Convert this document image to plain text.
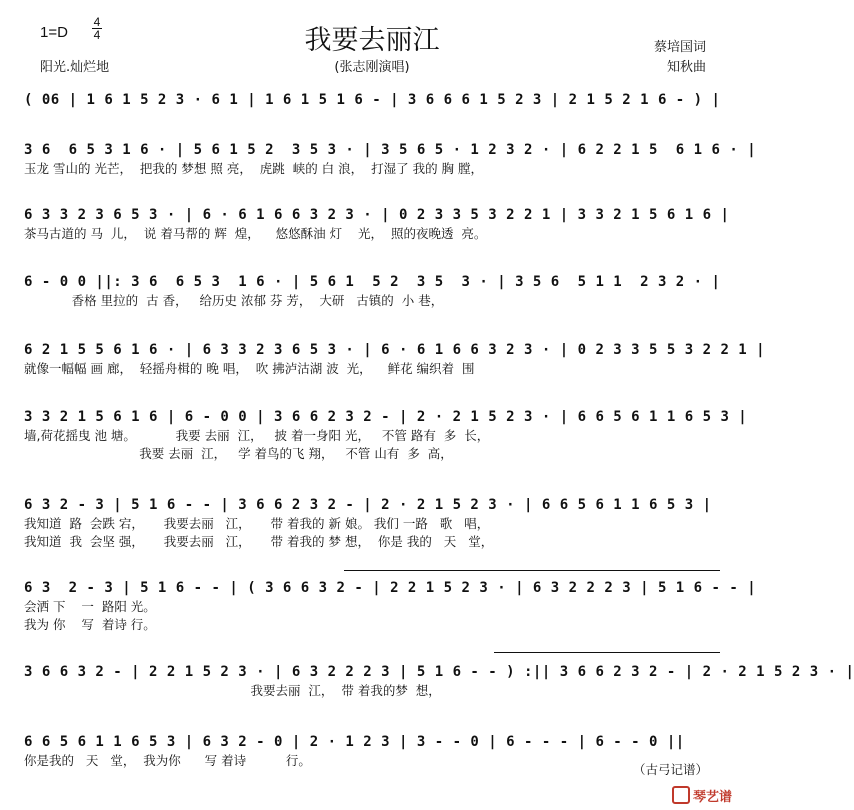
1=D
4
4	我要去丽江
(张志刚演唱)
阳光.灿烂地
蔡培国词
知秋曲
( 06 | 1 6 1 5 2 3 · 6 1 | 1 6 1 5 1 6 - | 3 6 6 6 1 5 2 3 | 2 1 5 2 1 6 - ) |
3 6  6 5 3 1 6 · | 5 6 1 5 2  3 5 3 · | 3 5 6 5 · 1 2 3 2 · | 6 2 2 1 5  6 1 6 · |
玉龙 雪山的 光芒，  把我的 梦想 照 亮，  虎跳  峡的 白 浪，  打湿了 我的 胸 膛，
6 3 3 2 3 6 5 3 · | 6 · 6 1 6 6 3 2 3 · | 0 2 3 3 5 3 2 2 1 | 3 3 2 1 5 6 1 6 |
茶马古道的 马  儿，  说 着马帮的 辉  煌，    悠悠酥油 灯    光，  照的夜晚透  亮。
6 - 0 0 ||: 3 6  6 5 3  1 6 · | 5 6 1  5 2  3 5  3 · | 3 5 6  5 1 1  2 3 2 · |
香格 里拉的  古 香，   给历史 浓郁 芬 芳，  大研   古镇的  小 巷，
6 2 1 5 5 6 1 6 · | 6 3 3 2 3 6 5 3 · | 6 · 6 1 6 6 3 2 3 · | 0 2 3 3 5 5 3 2 2 1 |
就像一幅幅 画 廊，  轻摇舟楫的 晚 唱，  吹 拂泸沽湖 波  光，    鲜花 编织着  围
3 3 2 1 5 6 1 6 | 6 - 0 0 | 3 6 6 2 3 2 - | 2 · 2 1 5 2 3 · | 6 6 5 6 1 1 6 5 3 |
墙,荷花摇曳 池 塘。          我要 去丽  江，   披 着一身阳 光，   不管 路有  多  长，
我要 去丽  江，   学 着鸟的飞 翔，   不管 山有  多  高，
6 3 2 - 3 | 5 1 6 - - | 3 6 6 2 3 2 - | 2 · 2 1 5 2 3 · | 6 6 5 6 1 1 6 5 3 |
我知道  路  会跌 宕，     我要去丽   江，     带 着我的 新 娘。 我们 一路   歌   唱，
我知道  我  会坚 强，     我要去丽   江，     带 着我的 梦 想，  你是 我的   天   堂，
6 3  2 - 3 | 5 1 6 - - | ( 3 6 6 3 2 - | 2 2 1 5 2 3 · | 6 3 2 2 2 3 | 5 1 6 - - |
会洒 下    一  路阳 光。
我为 你    写  着诗 行。
3 6 6 3 2 - | 2 2 1 5 2 3 · | 6 3 2 2 2 3 | 5 1 6 - - ) :|| 3 6 6 2 3 2 - | 2 · 2 1 5 2 3 · |
我要去丽  江，  带 着我的梦  想，
6 6 5 6 1 1 6 5 3 | 6 3 2 - 0 | 2 · 1 2 3 | 3 - - 0 | 6 - - - | 6 - - 0 ||
你是我的   天   堂，  我为你      写 着诗          行。
（古弓记谱）
琴艺谱
